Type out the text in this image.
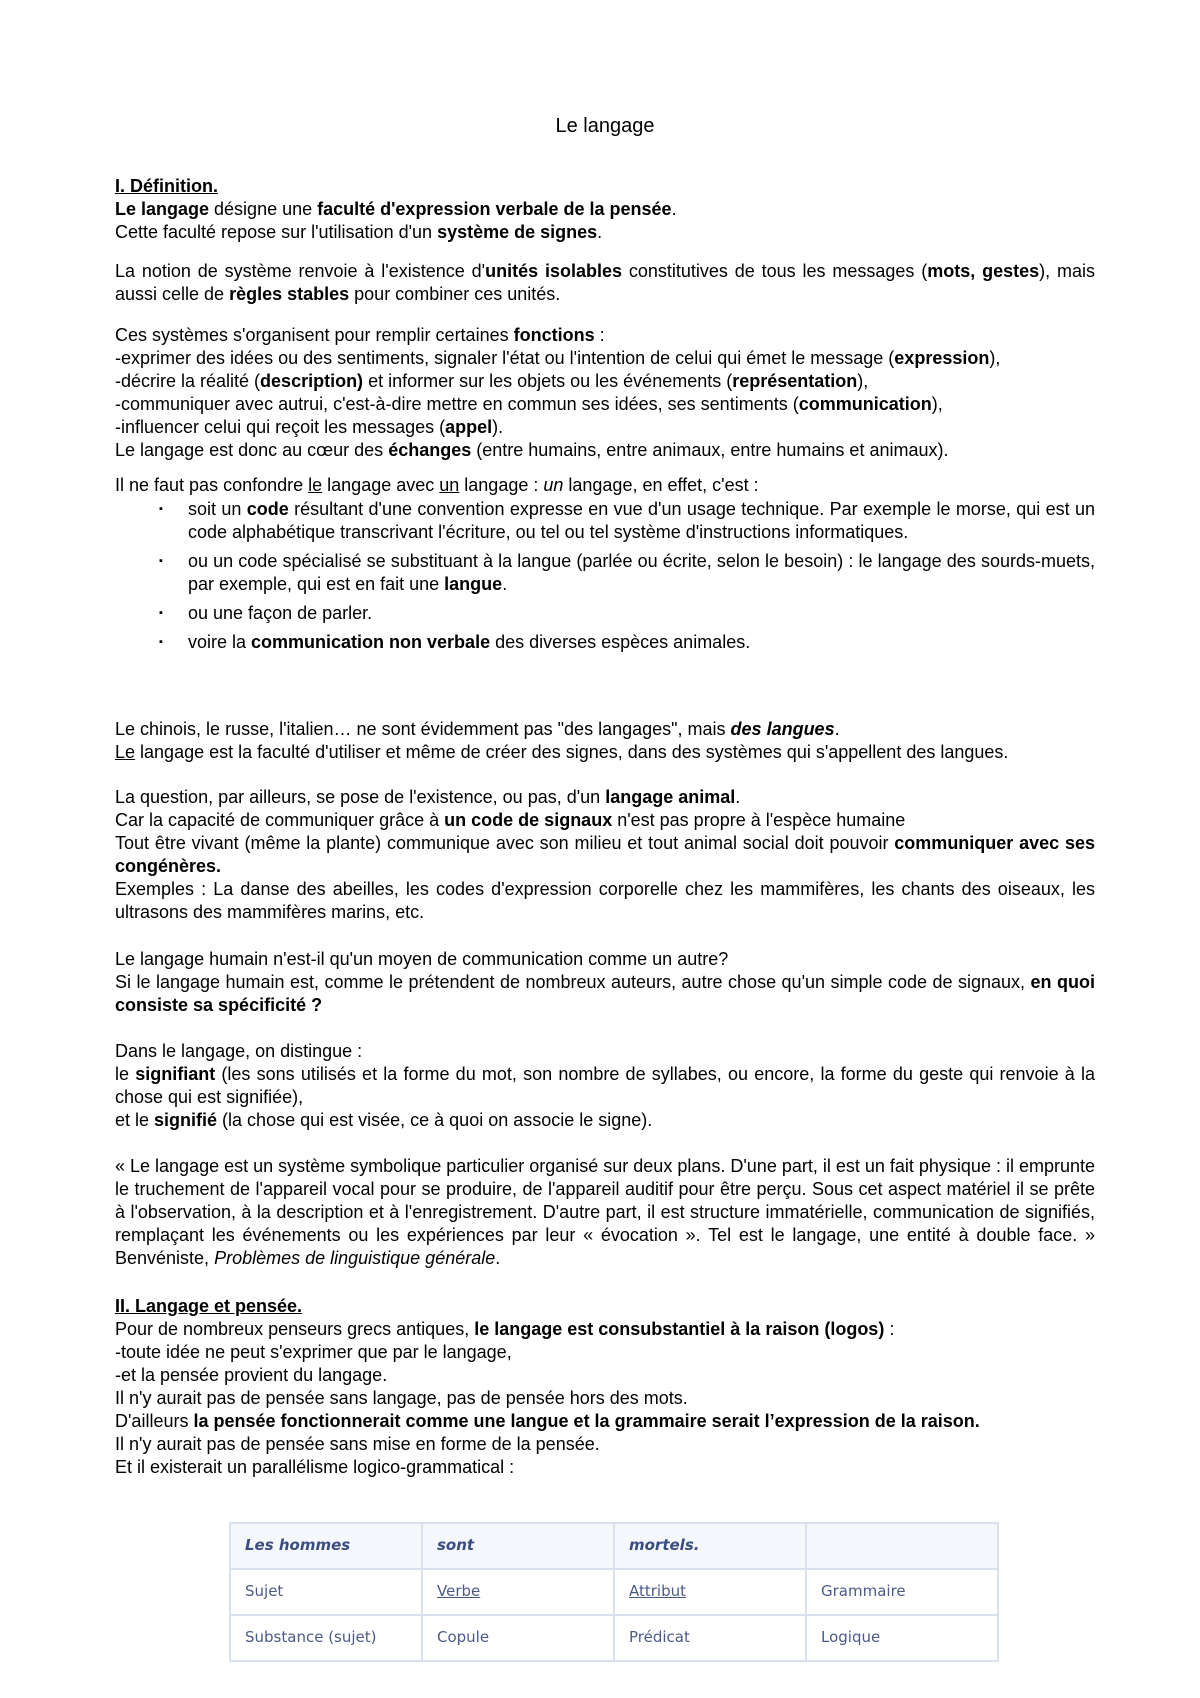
Le langage

I. Définition.

Le langage désigne une faculté d'expression verbale de la pensée.

Cette faculté repose sur l'utilisation d'un système de signes.

La notion de système renvoie à l'existence d'unités isolables constitutives de tous les messages (mots, gestes), mais aussi celle de règles stables pour combiner ces unités.

Ces systèmes s'organisent pour remplir certaines fonctions :

-exprimer des idées ou des sentiments, signaler l'état ou l'intention de celui qui émet le message (expression),

-décrire la réalité (description) et informer sur les objets ou les événements (représentation),

-communiquer avec autrui, c'est-à-dire mettre en commun ses idées, ses sentiments (communication),

-influencer celui qui reçoit les messages (appel).

Le langage est donc au cœur des échanges (entre humains, entre animaux, entre humains et animaux).

Il ne faut pas confondre le langage avec un langage : un langage, en effet, c'est :

▪ soit un code résultant d'une convention expresse en vue d'un usage technique. Par exemple le morse, qui est un code alphabétique transcrivant l'écriture, ou tel ou tel système d'instructions informatiques.
▪ ou un code spécialisé se substituant à la langue (parlée ou écrite, selon le besoin) : le langage des sourds-muets, par exemple, qui est en fait une langue.
▪ ou une façon de parler.
▪ voire la communication non verbale des diverses espèces animales.

Le chinois, le russe, l'italien… ne sont évidemment pas "des langages", mais des langues.

Le langage est la faculté d'utiliser et même de créer des signes, dans des systèmes qui s'appellent des langues.

La question, par ailleurs, se pose de l'existence, ou pas, d'un langage animal.

Car la capacité de communiquer grâce à un code de signaux n'est pas propre à l'espèce humaine

Tout être vivant (même la plante) communique avec son milieu et tout animal social doit pouvoir communiquer avec ses congénères.

Exemples : La danse des abeilles, les codes d'expression corporelle chez les mammifères, les chants des oiseaux, les ultrasons des mammifères marins, etc.

Le langage humain n'est-il qu'un moyen de communication comme un autre?

Si le langage humain est, comme le prétendent de nombreux auteurs, autre chose qu'un simple code de signaux, en quoi consiste sa spécificité ?

Dans le langage, on distingue :

le signifiant (les sons utilisés et la forme du mot, son nombre de syllabes, ou encore, la forme du geste qui renvoie à la chose qui est signifiée),

et le signifié (la chose qui est visée, ce à quoi on associe le signe).

« Le langage est un système symbolique particulier organisé sur deux plans. D'une part, il est un fait physique : il emprunte le truchement de l'appareil vocal pour se produire, de l'appareil auditif pour être perçu. Sous cet aspect matériel il se prête à l'observation, à la description et à l'enregistrement. D'autre part, il est structure immatérielle, communication de signifiés, remplaçant les événements ou les expériences par leur « évocation ». Tel est le langage, une entité à double face. » Benvéniste, Problèmes de linguistique générale.

II. Langage et pensée.

Pour de nombreux penseurs grecs antiques, le langage est consubstantiel à la raison (logos) :

-toute idée ne peut s'exprimer que par le langage,

-et la pensée provient du langage.

Il n'y aurait pas de pensée sans langage, pas de pensée hors des mots.

D'ailleurs la pensée fonctionnerait comme une langue et la grammaire serait l’expression de la raison.

Il n'y aurait pas de pensée sans mise en forme de la pensée.

Et il existerait un parallélisme logico-grammatical :

Les hommes	sont	mortels.	
Sujet	Verbe	Attribut	Grammaire
Substance (sujet)	Copule	Prédicat	Logique
